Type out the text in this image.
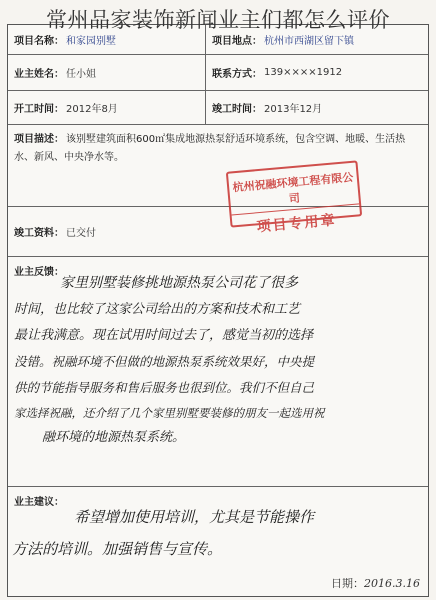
常州品家装饰新闻业主们都怎么评价
项目名称： 和家园别墅	项目地点： 杭州市西湖区留下镇
业主姓名： 任小姐	联系方式： 139××××1912
开工时间： 2012年8月	竣工时间： 2013年12月
项目描述： 该别墅建筑面积600㎡集成地源热泵舒适环境系统，包含空调、地暖、生活热水、新风、中央净水等。
竣工资料： 已交付
业主反馈：
家里别墅装修挑地源热泵公司花了很多
时间，也比较了这家公司给出的方案和技术和工艺
最让我满意。现在试用时间过去了，感觉当初的选择
没错。祝融环境不但做的地源热泵系统效果好，中央提
供的节能指导服务和售后服务也很到位。我们不但自己
家选择祝融，还介绍了几个家里别墅要装修的朋友一起选用祝
融环境的地源热泵系统。
业主建议：
希望增加使用培训，尤其是节能操作
方法的培训。加强销售与宣传。
日期：2016.3.16
杭州祝融环境工程有限公司
项目专用章
